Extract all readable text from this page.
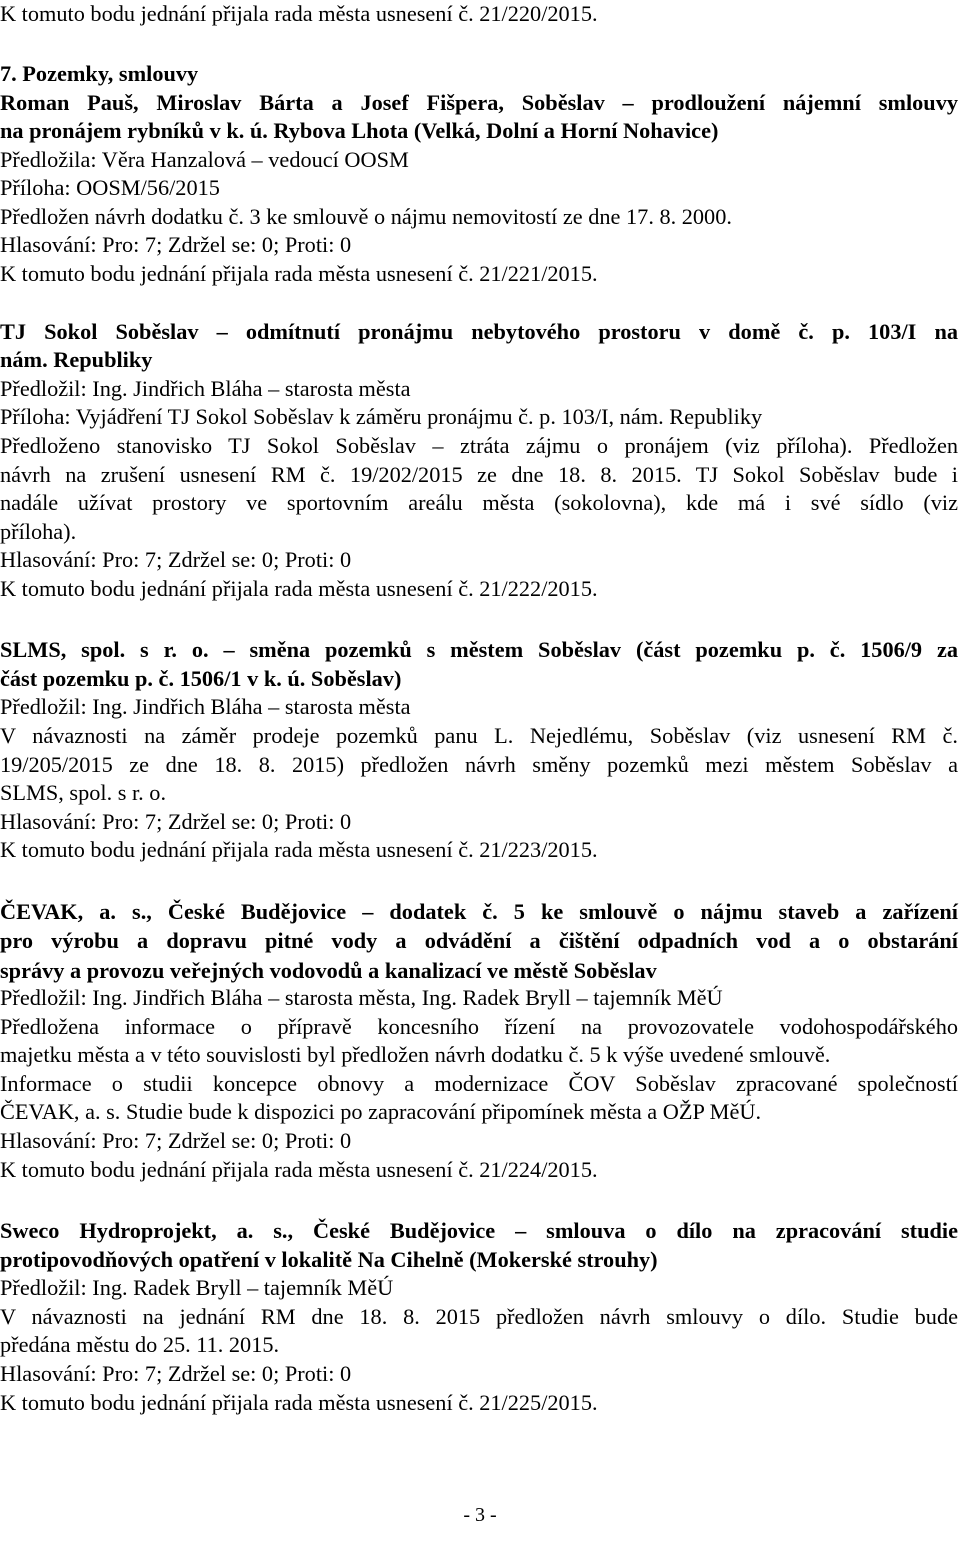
K tomuto bodu jednání přijala rada města usnesení č. 21/220/2015.
7. Pozemky, smlouvy
Roman Pauš, Miroslav Bárta a Josef Fišpera, Soběslav – prodloužení nájemní smlouvy
na pronájem rybníků v k. ú. Rybova Lhota (Velká, Dolní a Horní Nohavice)
Předložila: Věra Hanzalová – vedoucí OOSM
Příloha: OOSM/56/2015
Předložen návrh dodatku č. 3 ke smlouvě o nájmu nemovitostí ze dne 17. 8. 2000.
Hlasování: Pro: 7; Zdržel se: 0; Proti: 0
K tomuto bodu jednání přijala rada města usnesení č. 21/221/2015.
TJ Sokol Soběslav – odmítnutí pronájmu nebytového prostoru v domě č. p. 103/I na
nám. Republiky
Předložil: Ing. Jindřich Bláha – starosta města
Příloha: Vyjádření TJ Sokol Soběslav k záměru pronájmu č. p. 103/I, nám. Republiky
Předloženo stanovisko TJ Sokol Soběslav – ztráta zájmu o pronájem (viz příloha). Předložen
návrh na zrušení usnesení RM č. 19/202/2015 ze dne 18. 8. 2015. TJ Sokol Soběslav bude i
nadále užívat prostory ve sportovním areálu města (sokolovna), kde má i své sídlo (viz
příloha).
Hlasování: Pro: 7; Zdržel se: 0; Proti: 0
K tomuto bodu jednání přijala rada města usnesení č. 21/222/2015.
SLMS, spol. s r. o. – směna pozemků s městem Soběslav (část pozemku p. č. 1506/9 za
část pozemku p. č. 1506/1 v k. ú. Soběslav)
Předložil: Ing. Jindřich Bláha – starosta města
V návaznosti na záměr prodeje pozemků panu L. Nejedlému, Soběslav (viz usnesení RM č.
19/205/2015 ze dne 18. 8. 2015) předložen návrh směny pozemků mezi městem Soběslav a
SLMS, spol. s r. o.
Hlasování: Pro: 7; Zdržel se: 0; Proti: 0
K tomuto bodu jednání přijala rada města usnesení č. 21/223/2015.
ČEVAK, a. s., České Budějovice – dodatek č. 5 ke smlouvě o nájmu staveb a zařízení
pro výrobu a dopravu pitné vody a odvádění a čištění odpadních vod a o obstarání
správy a provozu veřejných vodovodů a kanalizací ve městě Soběslav
Předložil: Ing. Jindřich Bláha – starosta města, Ing. Radek Bryll – tajemník MěÚ
Předložena informace o přípravě koncesního řízení na provozovatele vodohospodářského
majetku města a v této souvislosti byl předložen návrh dodatku č. 5 k výše uvedené smlouvě.
Informace o studii koncepce obnovy a modernizace ČOV Soběslav zpracované společností
ČEVAK, a. s. Studie bude k dispozici po zapracování připomínek města a OŽP MěÚ.
Hlasování: Pro: 7; Zdržel se: 0; Proti: 0
K tomuto bodu jednání přijala rada města usnesení č. 21/224/2015.
Sweco Hydroprojekt, a. s., České Budějovice – smlouva o dílo na zpracování studie
protipovodňových opatření v lokalitě Na Cihelně (Mokerské strouhy)
Předložil: Ing. Radek Bryll – tajemník MěÚ
V návaznosti na jednání RM dne 18. 8. 2015 předložen návrh smlouvy o dílo. Studie bude
předána městu do 25. 11. 2015.
Hlasování: Pro: 7; Zdržel se: 0; Proti: 0
K tomuto bodu jednání přijala rada města usnesení č. 21/225/2015.
- 3 -
